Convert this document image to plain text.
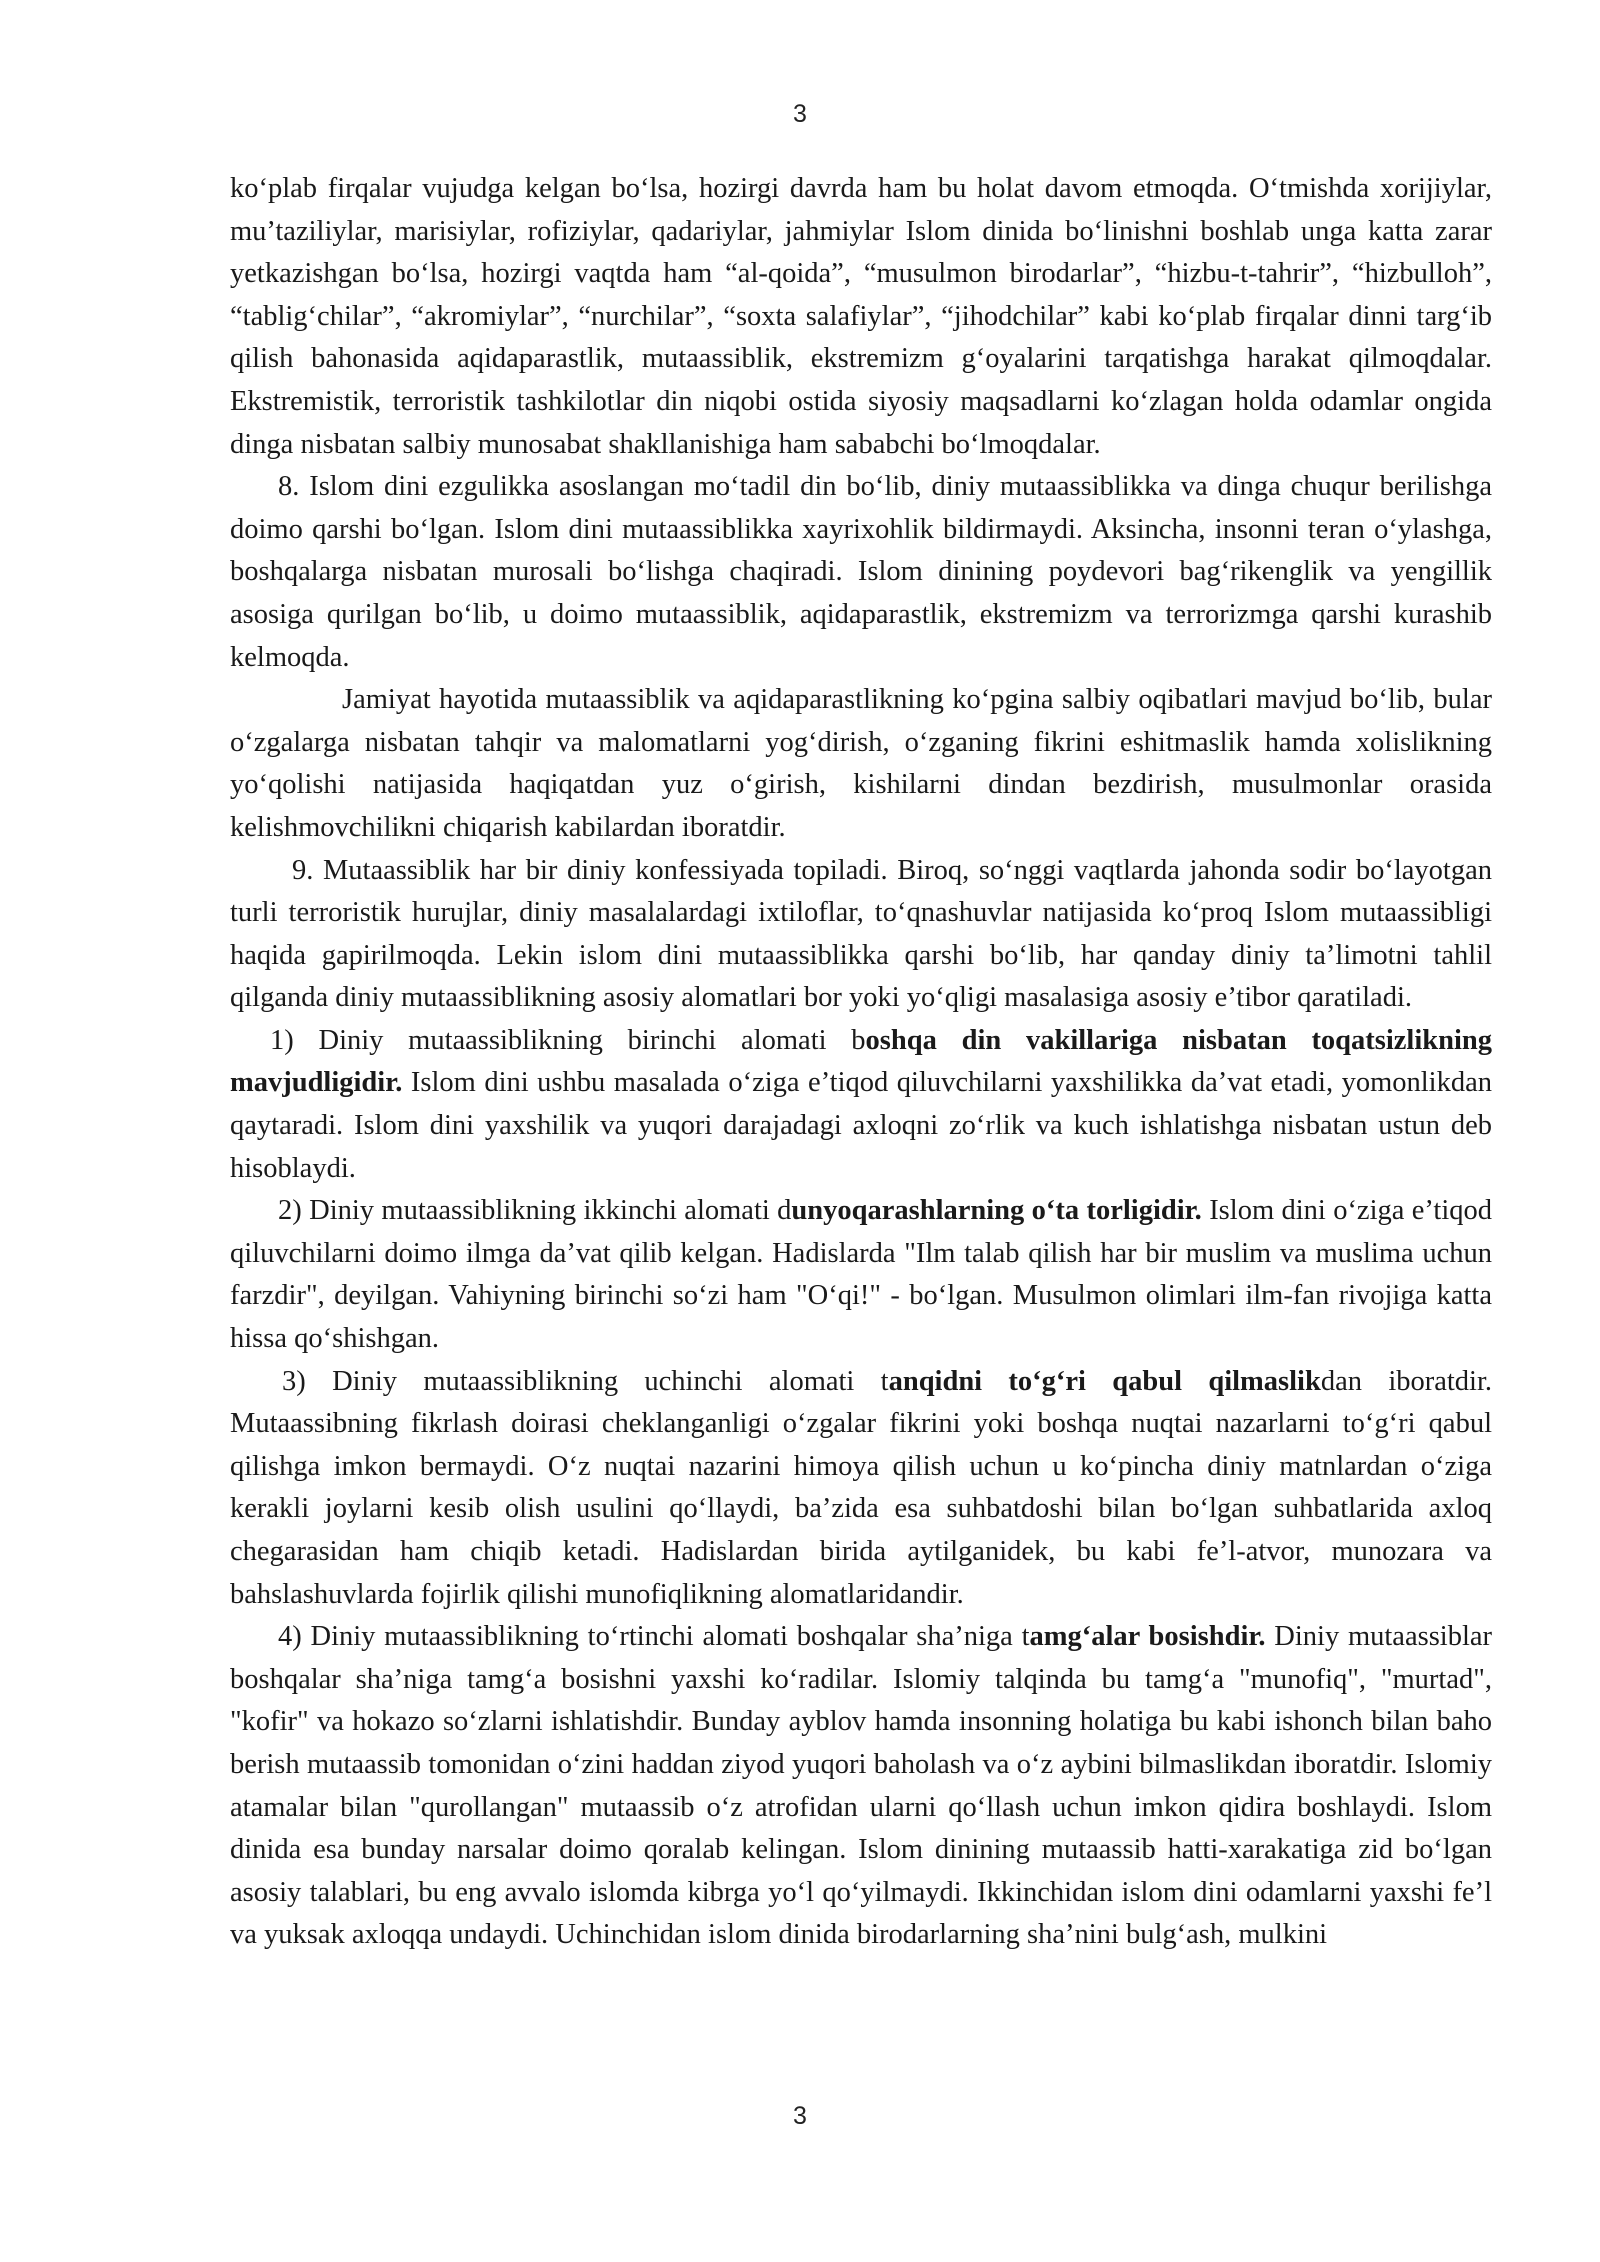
3

ko‘plab firqalar vujudga kelgan bo‘lsa, hozirgi davrda ham bu holat davom etmoqda. O‘tmishda xorijiylar, mu’taziliylar, marisiylar, rofiziylar, qadariylar, jahmiylar Islom dinida bo‘linishni boshlab unga katta zarar yetkazishgan bo‘lsa, hozirgi vaqtda ham “al-qoida”, “musulmon birodarlar”, “hizbu-t-tahrir”, “hizbulloh”, “tablig‘chilar”, “akromiylar”, “nurchilar”, “soxta salafiylar”, “jihodchilar” kabi ko‘plab firqalar dinni targ‘ib qilish bahonasida aqidaparastlik, mutaassiblik, ekstremizm g‘oyalarini tarqatishga harakat qilmoqdalar. Ekstremistik, terroristik tashkilotlar din niqobi ostida siyosiy maqsadlarni ko‘zlagan holda odamlar ongida dinga nisbatan salbiy munosabat shakllanishiga ham sababchi bo‘lmoqdalar.

8. Islom dini ezgulikka asoslangan mo‘tadil din bo‘lib, diniy mutaassiblikka va dinga chuqur berilishga doimo qarshi bo‘lgan. Islom dini mutaassiblikka xayrixohlik bildirmaydi. Aksincha, insonni teran o‘ylashga, boshqalarga nisbatan murosali bo‘lishga chaqiradi. Islom dinining poydevori bag‘rikenglik va yengillik asosiga qurilgan bo‘lib, u doimo mutaassiblik, aqidaparastlik, ekstremizm va terrorizmga qarshi kurashib kelmoqda.

Jamiyat hayotida mutaassiblik va aqidaparastlikning ko‘pgina salbiy oqibatlari mavjud bo‘lib, bular o‘zgalarga nisbatan tahqir va malomatlarni yog‘dirish, o‘zganing fikrini eshitmaslik hamda xolislikning yo‘qolishi natijasida haqiqatdan yuz o‘girish, kishilarni dindan bezdirish, musulmonlar orasida kelishmovchilikni chiqarish kabilardan iboratdir.

9. Mutaassiblik har bir diniy konfessiyada topiladi. Biroq, so‘nggi vaqtlarda jahonda sodir bo‘layotgan turli terroristik hurujlar, diniy masalalardagi ixtiloflar, to‘qnashuvlar natijasida ko‘proq Islom mutaassibligi haqida gapirilmoqda. Lekin islom dini mutaassiblikka qarshi bo‘lib, har qanday diniy ta’limotni tahlil qilganda diniy mutaassiblikning asosiy alomatlari bor yoki yo‘qligi masalasiga asosiy e’tibor qaratiladi.

1) Diniy mutaassiblikning birinchi alomati boshqa din vakillariga nisbatan toqatsizlikning mavjudligidir. Islom dini ushbu masalada o‘ziga e’tiqod qiluvchilarni yaxshilikka da’vat etadi, yomonlikdan qaytaradi. Islom dini yaxshilik va yuqori darajadagi axloqni zo‘rlik va kuch ishlatishga nisbatan ustun deb hisoblaydi.

2) Diniy mutaassiblikning ikkinchi alomati dunyoqarashlarning o‘ta torligidir. Islom dini o‘ziga e’tiqod qiluvchilarni doimo ilmga da’vat qilib kelgan. Hadislarda "Ilm talab qilish har bir muslim va muslima uchun farzdir", deyilgan. Vahiyning birinchi so‘zi ham "O‘qi!" - bo‘lgan. Musulmon olimlari ilm-fan rivojiga katta hissa qo‘shishgan.

3) Diniy mutaassiblikning uchinchi alomati tanqidni to‘g‘ri qabul qilmaslikdan iboratdir. Mutaassibning fikrlash doirasi cheklanganligi o‘zgalar fikrini yoki boshqa nuqtai nazarlarni to‘g‘ri qabul qilishga imkon bermaydi. O‘z nuqtai nazarini himoya qilish uchun u ko‘pincha diniy matnlardan o‘ziga kerakli joylarni kesib olish usulini qo‘llaydi, ba’zida esa suhbatdoshi bilan bo‘lgan suhbatlarida axloq chegarasidan ham chiqib ketadi. Hadislardan birida aytilganidek, bu kabi fe’l-atvor, munozara va bahslashuvlarda fojirlik qilishi munofiqlikning alomatlaridandir.

4) Diniy mutaassiblikning to‘rtinchi alomati boshqalar sha’niga tamg‘alar bosishdir. Diniy mutaassiblar boshqalar sha’niga tamg‘a bosishni yaxshi ko‘radilar. Islomiy talqinda bu tamg‘a "munofiq", "murtad", "kofir" va hokazo so‘zlarni ishlatishdir. Bunday ayblov hamda insonning holatiga bu kabi ishonch bilan baho berish mutaassib tomonidan o‘zini haddan ziyod yuqori baholash va o‘z aybini bilmaslikdan iboratdir. Islomiy atamalar bilan "qurollangan" mutaassib o‘z atrofidan ularni qo‘llash uchun imkon qidira boshlaydi. Islom dinida esa bunday narsalar doimo qoralab kelingan. Islom dinining mutaassib hatti-xarakatiga zid bo‘lgan asosiy talablari, bu eng avvalo islomda kibrga yo‘l qo‘yilmaydi. Ikkinchidan islom dini odamlarni yaxshi fe’l va yuksak axloqqa undaydi. Uchinchidan islom dinida birodarlarning sha’nini bulg‘ash, mulkini

3
